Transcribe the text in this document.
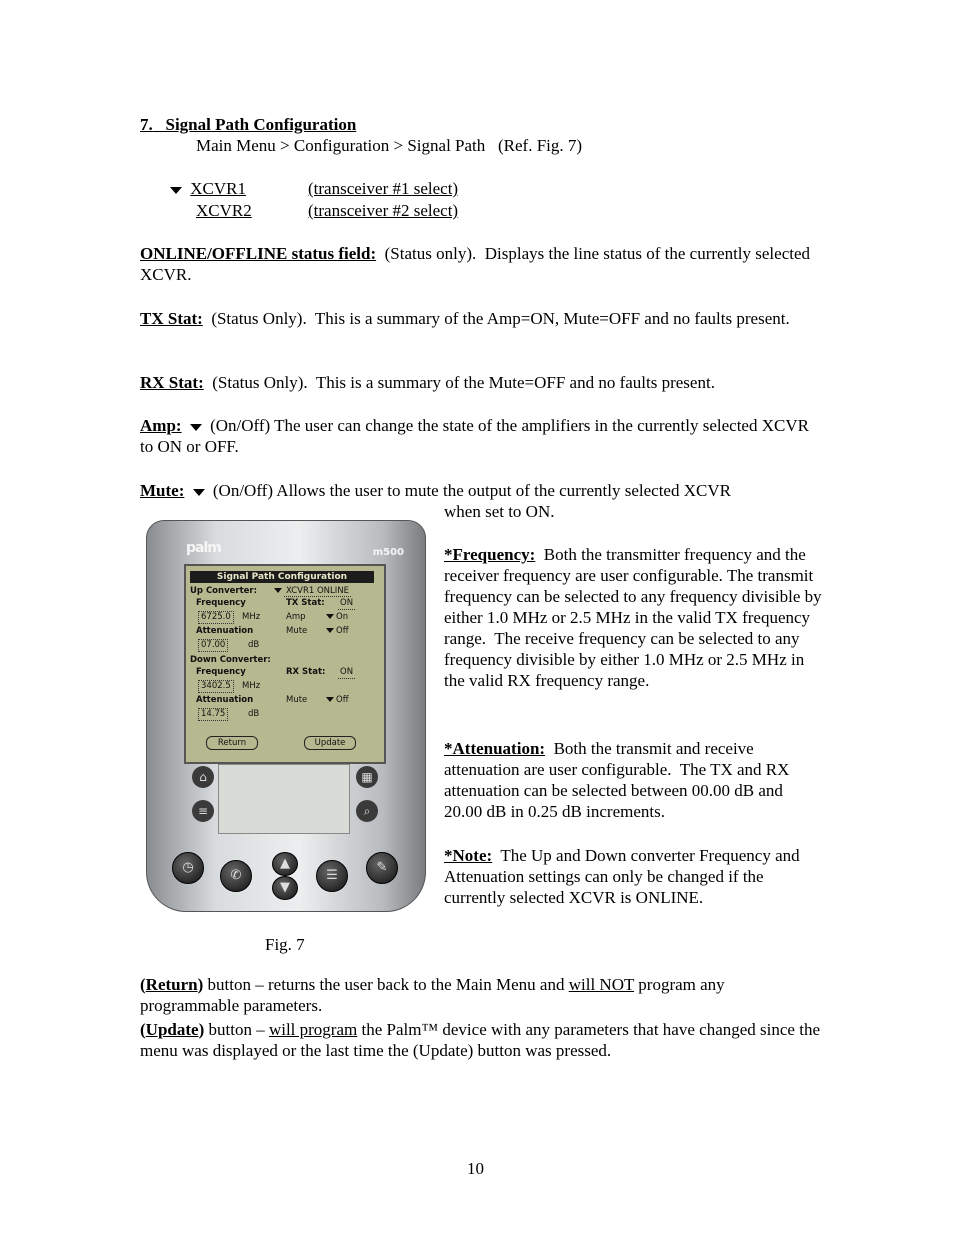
7. Signal Path Configuration
Main Menu > Configuration > Signal Path   (Ref. Fig. 7)
XCVR1	(transceiver #1 select)
XCVR2	(transceiver #2 select)
ONLINE/OFFLINE status field:  (Status only).  Displays the line status of the currently selected XCVR.
TX Stat:  (Status Only).  This is a summary of the Amp=ON, Mute=OFF and no faults present.
RX Stat:  (Status Only).  This is a summary of the Mute=OFF and no faults present.
Amp: (On/Off) The user can change the state of the amplifiers in the currently selected XCVR to ON or OFF.
Mute: (On/Off) Allows the user to mute the output of the currently selected XCVR
when set to ON.
*Frequency:  Both the transmitter frequency and the receiver frequency are user configurable. The transmit frequency can be selected to any frequency divisible by either 1.0 MHz or 2.5 MHz in the valid TX frequency range.  The receive frequency can be selected to any frequency divisible by either 1.0 MHz or 2.5 MHz in the valid RX frequency range.
*Attenuation:  Both the transmit and receive attenuation are user configurable.  The TX and RX attenuation can be selected between 00.00 dB and 20.00 dB in 0.25 dB increments.
*Note:  The Up and Down converter Frequency and Attenuation settings can only be changed if the currently selected XCVR is ONLINE.
palm	m500
Signal Path Configuration
Up Converter:	XCVR1 ONLINE
Frequency	TX Stat: ON
6725.0	MHz	Amp	On
Attenuation	Mute	Off
07.00	dB
Down Converter:
Frequency	RX Stat: ON
3402.5	MHz
Attenuation	Mute	Off
14.75	dB
Return	Update
⌂
≡
▦
⌕
◷
✆
▲
▼
☰
✎
Fig. 7
(Return) button – returns the user back to the Main Menu and will NOT program any programmable parameters.
(Update) button – will program the Palm™ device with any parameters that have changed since the menu was displayed or the last time the (Update) button was pressed.
10
